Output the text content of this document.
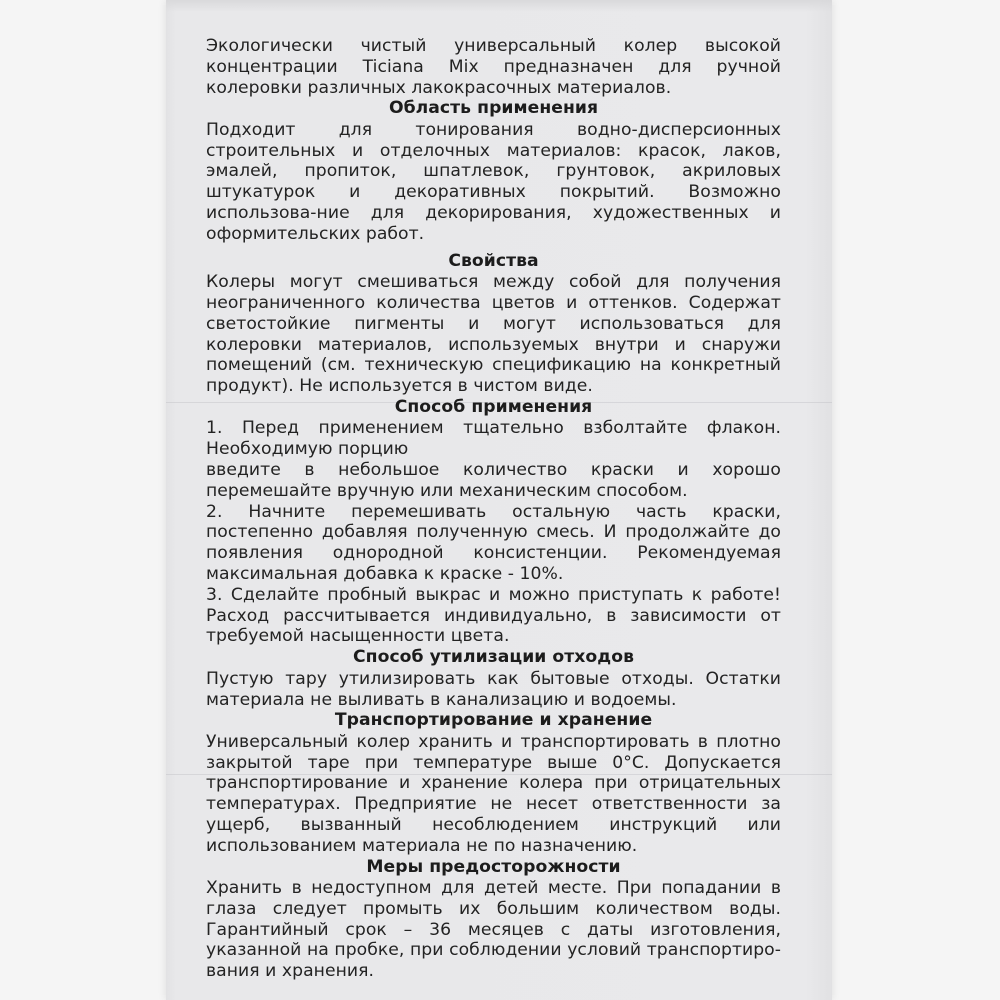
Экологически чистый универсальный колер высокой концентрации Ticiana Mix предназначен для ручной колеровки различных лакокрасочных материалов.

Область применения

Подходит для тонирования водно-дисперсионных строительных и отделочных материалов: красок, лаков, эмалей, пропиток, шпатлевок, грунтовок, акриловых штукатурок и декоративных покрытий. Возможно использова-ние для декорирования, художественных и оформительских работ.

Свойства

Колеры могут смешиваться между собой для получения неограниченного количества цветов и оттенков. Содержат светостойкие пигменты и могут использоваться для колеровки материалов, используемых внутри и снаружи помещений (см. техническую спецификацию на конкретный продукт). Не используется в чистом виде.

Способ применения

1. Перед применением тщательно взболтайте флакон. Необходимую порцию

введите в небольшое количество краски и хорошо перемешайте вручную или механическим способом.

2. Начните перемешивать остальную часть краски, постепенно добавляя полученную смесь. И продолжайте до появления однородной консистенции. Рекомендуемая максимальная добавка к краске - 10%.

3. Сделайте пробный выкрас и можно приступать к работе! Расход рассчитывается индивидуально, в зависимости от требуемой насыщенности цвета.

Способ утилизации отходов

Пустую тару утилизировать как бытовые отходы. Остатки материала не выливать в канализацию и водоемы.

Транспортирование и хранение

Универсальный колер хранить и транспортировать в плотно закрытой таре при температуре выше 0°С. Допускается транспортирование и хранение колера при отрицательных температурах. Предприятие не несет ответственности за ущерб, вызванный несоблюдением инструкций или использованием материала не по назначению.

Меры предосторожности

Хранить в недоступном для детей месте. При попадании в глаза следует промыть их большим количеством воды. Гарантийный срок – 36 месяцев с даты изготовления, указанной на пробке, при соблюдении условий транспортиро-вания и хранения.
